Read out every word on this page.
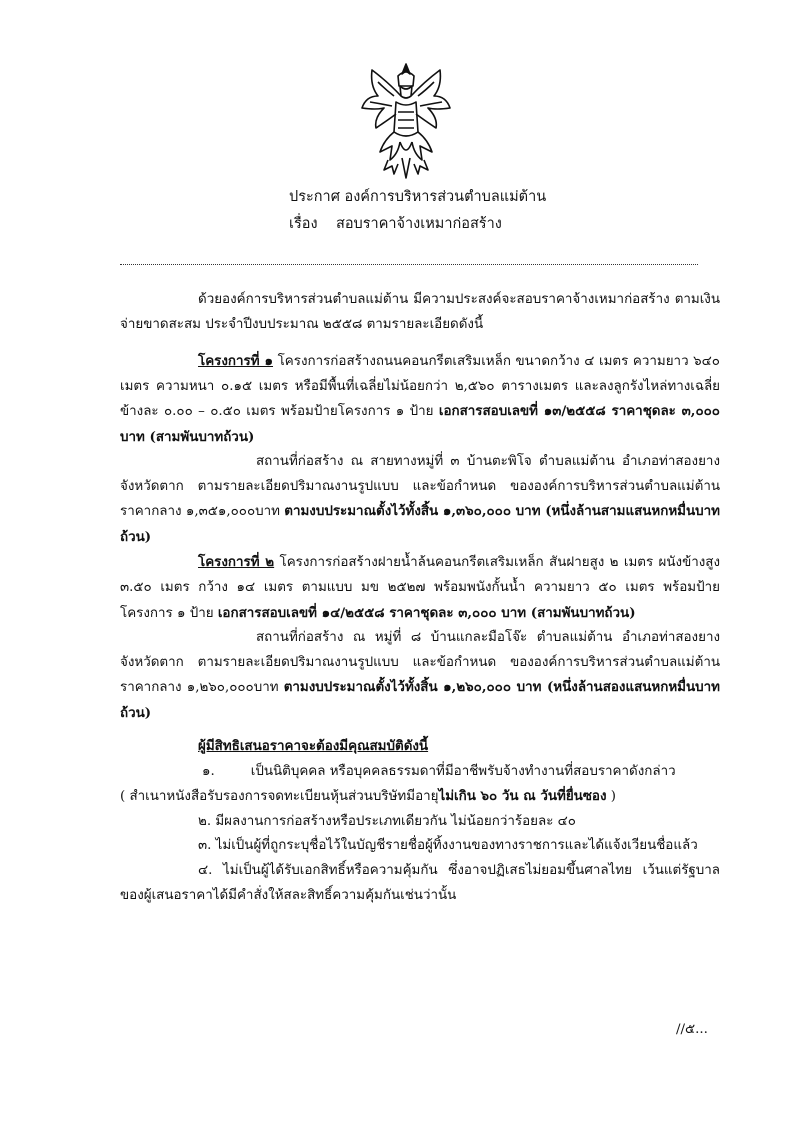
ประกาศ องค์การบริหารส่วนตำบลแม่ต้าน
เรื่อง สอบราคาจ้างเหมาก่อสร้าง

ด้วยองค์การบริหารส่วนตำบลแม่ต้าน มีความประสงค์จะสอบราคาจ้างเหมาก่อสร้าง ตามเงินจ่ายขาดสะสม ประจำปีงบประมาณ ๒๕๕๘ ตามรายละเอียดดังนี้

โครงการที่ ๑ โครงการก่อสร้างถนนคอนกรีตเสริมเหล็ก ขนาดกว้าง ๔ เมตร ความยาว ๖๔๐ เมตร ความหนา ๐.๑๕ เมตร หรือมีพื้นที่เฉลี่ยไม่น้อยกว่า ๒,๕๖๐ ตารางเมตร และลงลูกรังไหล่ทางเฉลี่ยข้างละ ๐.๐๐ – ๐.๕๐ เมตร พร้อมป้ายโครงการ ๑ ป้าย เอกสารสอบเลขที่ ๑๓/๒๕๕๘ ราคาชุดละ ๓,๐๐๐ บาท (สามพันบาทถ้วน)

สถานที่ก่อสร้าง ณ สายทางหมู่ที่ ๓ บ้านตะพิโจ ตำบลแม่ต้าน อำเภอท่าสองยาง จังหวัดตาก ตามรายละเอียดปริมาณงานรูปแบบ และข้อกำหนด ขององค์การบริหารส่วนตำบลแม่ต้าน ราคากลาง ๑,๓๕๑,๐๐๐บาท ตามงบประมาณตั้งไว้ทั้งสิ้น ๑,๓๖๐,๐๐๐ บาท (หนึ่งล้านสามแสนหกหมื่นบาทถ้วน)

โครงการที่ ๒ โครงการก่อสร้างฝายน้ำล้นคอนกรีตเสริมเหล็ก สันฝายสูง ๒ เมตร ผนังข้างสูง ๓.๕๐ เมตร กว้าง ๑๔ เมตร ตามแบบ มข ๒๕๒๗ พร้อมพนังกั้นน้ำ ความยาว ๕๐ เมตร พร้อมป้ายโครงการ ๑ ป้าย เอกสารสอบเลขที่ ๑๔/๒๕๕๘ ราคาชุดละ ๓,๐๐๐ บาท (สามพันบาทถ้วน)

สถานที่ก่อสร้าง ณ หมู่ที่ ๘ บ้านแกละมือโจ๊ะ ตำบลแม่ต้าน อำเภอท่าสองยาง จังหวัดตาก ตามรายละเอียดปริมาณงานรูปแบบ และข้อกำหนด ขององค์การบริหารส่วนตำบลแม่ต้าน ราคากลาง ๑,๒๖๐,๐๐๐บาท ตามงบประมาณตั้งไว้ทั้งสิ้น ๑,๒๖๐,๐๐๐ บาท (หนึ่งล้านสองแสนหกหมื่นบาทถ้วน)

ผู้มีสิทธิเสนอราคาจะต้องมีคุณสมบัติดังนี้

๑.	เป็นนิติบุคคล หรือบุคคลธรรมดาที่มีอาชีพรับจ้างทำงานที่สอบราคาดังกล่าว

( สำเนาหนังสือรับรองการจดทะเบียนหุ้นส่วนบริษัทมีอายุไม่เกิน ๖๐ วัน ณ วันที่ยื่นซอง )

๒. มีผลงานการก่อสร้างหรือประเภทเดียวกัน ไม่น้อยกว่าร้อยละ ๔๐

๓. ไม่เป็นผู้ที่ถูกระบุชื่อไว้ในบัญชีรายชื่อผู้ทิ้งงานของทางราชการและได้แจ้งเวียนชื่อแล้ว

๔. ไม่เป็นผู้ได้รับเอกสิทธิ์หรือความคุ้มกัน ซึ่งอาจปฏิเสธไม่ยอมขึ้นศาลไทย เว้นแต่รัฐบาลของผู้เสนอราคาได้มีคำสั่งให้สละสิทธิ์ความคุ้มกันเช่นว่านั้น

//๕...
